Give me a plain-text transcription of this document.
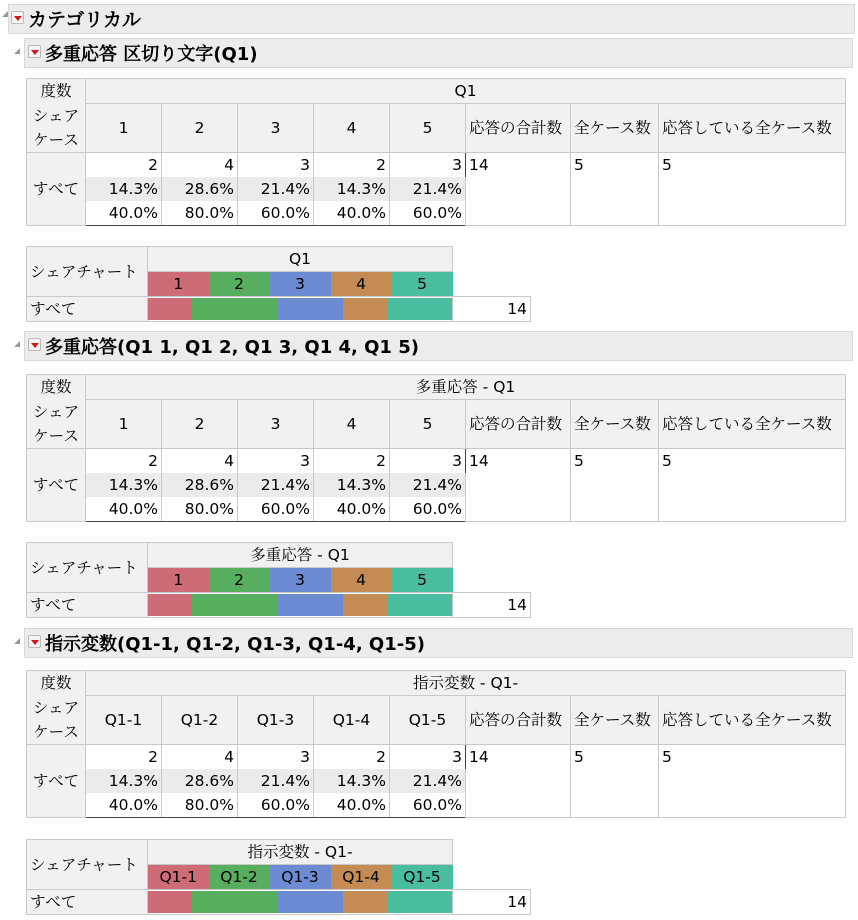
カテゴリカル
多重応答 区切り文字(Q1)
度数	Q1							
シェア	1	2	3	4	5	応答の合計数	全ケース数	応答している全ケース数
ケース								
すべて	2	4	3	2	3	14	5	5
	14.3%	28.6%	21.4%	14.3%	21.4%			
	40.0%	80.0%	60.0%	40.0%	60.0%			
シェアチャート	Q1					
	1	2	3	4	5	
すべて						14
多重応答(Q1 1, Q1 2, Q1 3, Q1 4, Q1 5)
度数	多重応答 - Q1							
シェア	1	2	3	4	5	応答の合計数	全ケース数	応答している全ケース数
ケース								
すべて	2	4	3	2	3	14	5	5
	14.3%	28.6%	21.4%	14.3%	21.4%			
	40.0%	80.0%	60.0%	40.0%	60.0%			
シェアチャート	多重応答 - Q1					
	1	2	3	4	5	
すべて						14
指示変数(Q1-1, Q1-2, Q1-3, Q1-4, Q1-5)
度数	指示変数 - Q1-							
シェア	Q1-1	Q1-2	Q1-3	Q1-4	Q1-5	応答の合計数	全ケース数	応答している全ケース数
ケース								
すべて	2	4	3	2	3	14	5	5
	14.3%	28.6%	21.4%	14.3%	21.4%			
	40.0%	80.0%	60.0%	40.0%	60.0%			
シェアチャート	指示変数 - Q1-					
	Q1-1	Q1-2	Q1-3	Q1-4	Q1-5	
すべて						14
